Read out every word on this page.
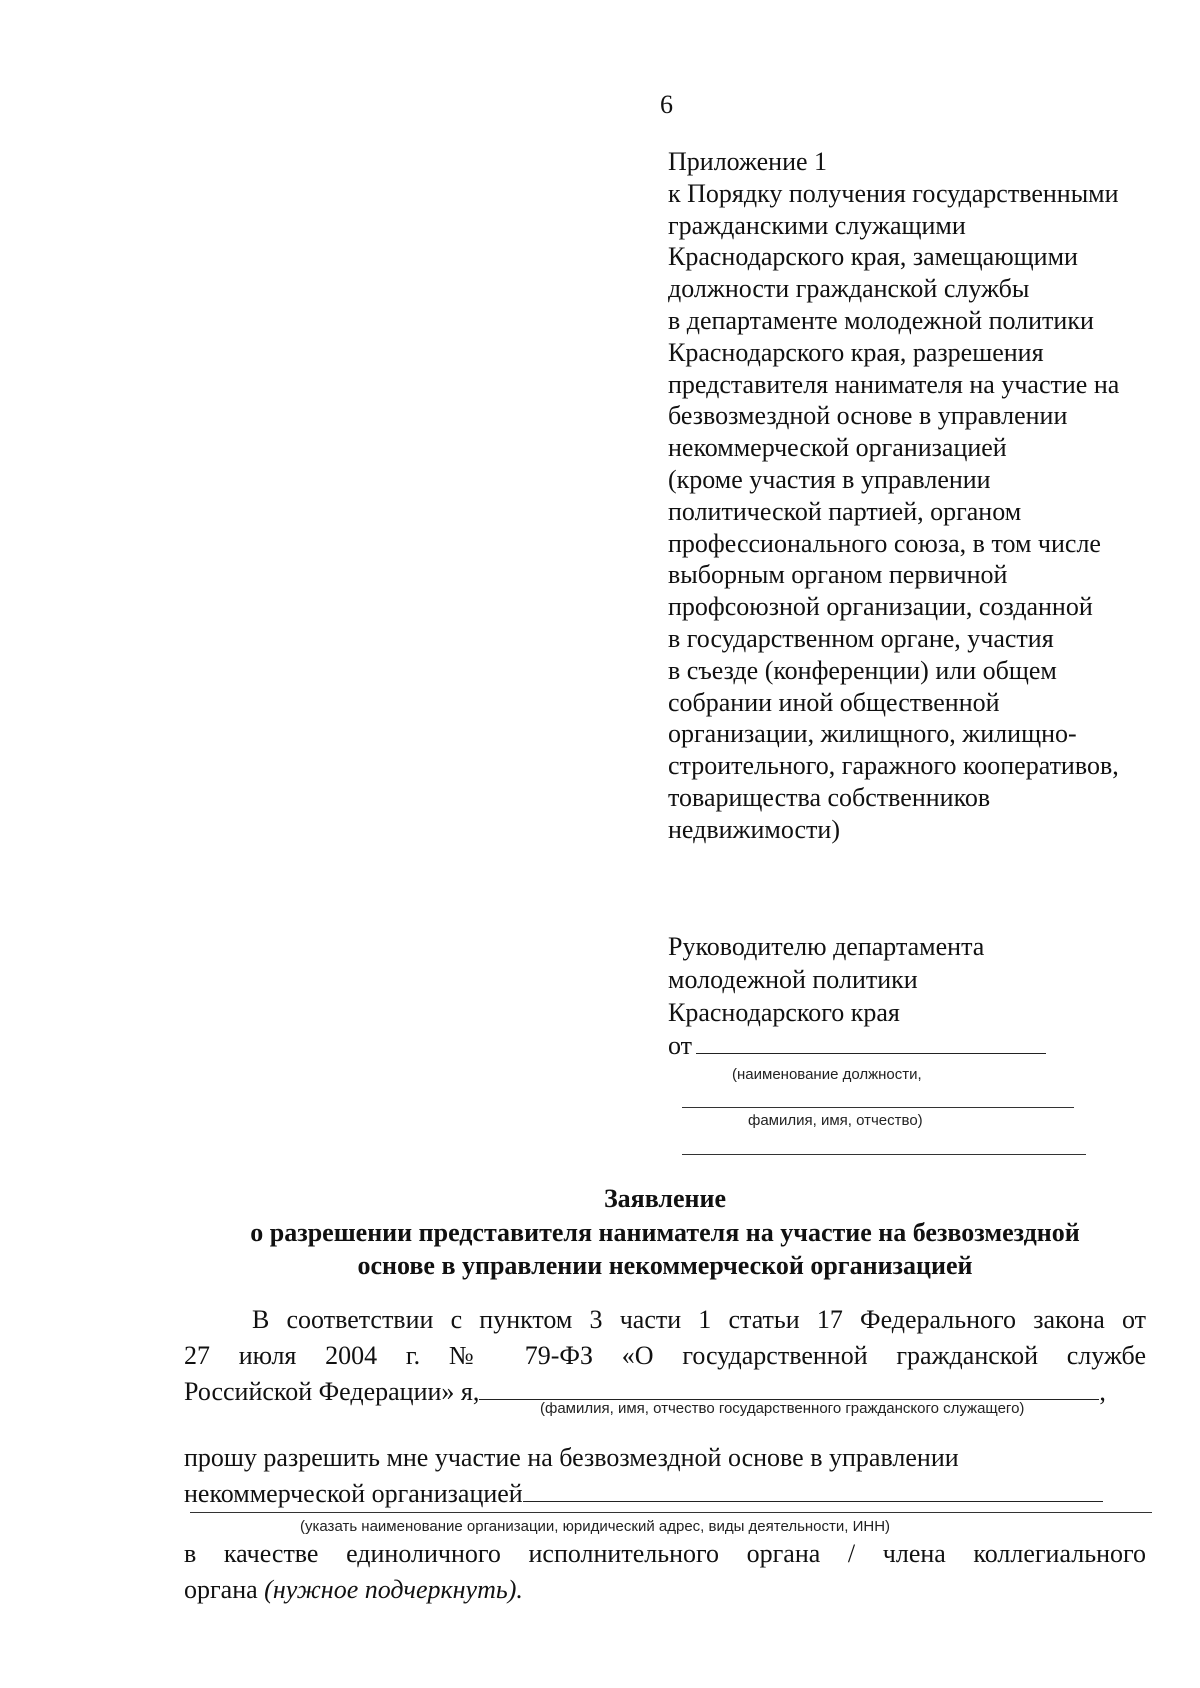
6
Приложение 1
к Порядку получения государственными
гражданскими служащими
Краснодарского края, замещающими
должности гражданской службы
в департаменте молодежной политики
Краснодарского края, разрешения
представителя нанимателя на участие на
безвозмездной основе в управлении
некоммерческой организацией
(кроме участия в управлении
политической партией, органом
профессионального союза, в том числе
выборным органом первичной
профсоюзной организации, созданной
в государственном органе, участия
в съезде (конференции) или общем
собрании иной общественной
организации, жилищного, жилищно-
строительного, гаражного кооперативов,
товарищества собственников
недвижимости)
Руководителю департамента
молодежной политики
Краснодарского края
от
(наименование должности,
фамилия, имя, отчество)
Заявление
о разрешении представителя нанимателя на участие на безвозмездной
основе в управлении некоммерческой организацией
В соответствии с пунктом 3 части 1 статьи 17 Федерального закона от
27 июля 2004 г. № 79-ФЗ «О государственной гражданской службе
Российской Федерации» я,	,
прошу разрешить мне участие на безвозмездной основе в управлении
некоммерческой организацией
(фамилия, имя, отчество государственного гражданского служащего)
(указать наименование организации, юридический адрес, виды деятельности, ИНН)
в качестве единоличного исполнительного органа / члена коллегиального
органа (нужное подчеркнуть).
